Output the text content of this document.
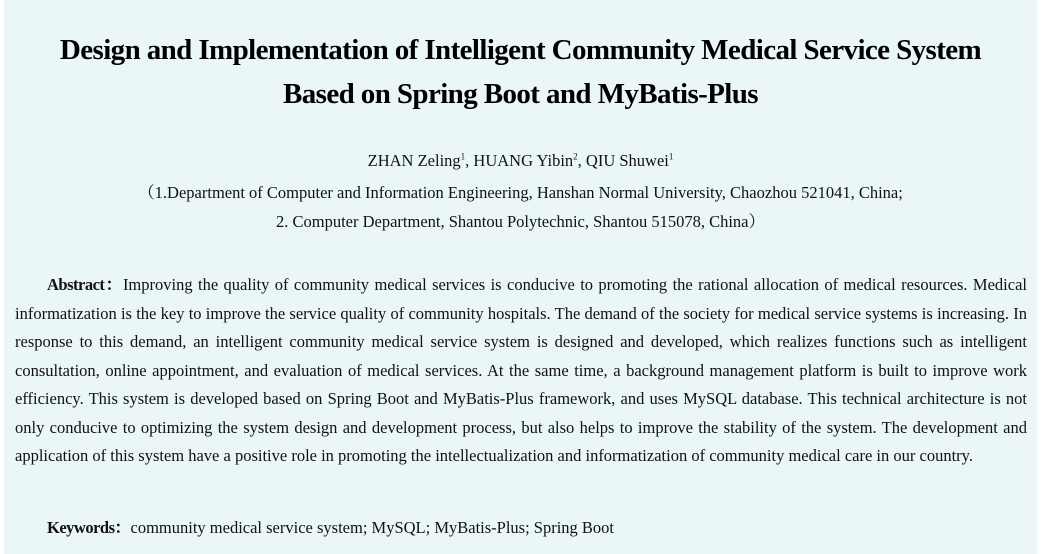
Design and Implementation of Intelligent Community Medical Service System
Based on Spring Boot and MyBatis-Plus
ZHAN Zeling$^1$, HUANG Yibin$^2$, QIU Shuwei$^1$
（1.Department of Computer and Information Engineering, Hanshan Normal University, Chaozhou 521041, China;
2. Computer Department, Shantou Polytechnic, Shantou 515078, China）

Abstract：Improving the quality of community medical services is conducive to promoting the rational allocation of medical resources. Medical informatization is the key to improve the service quality of community hospitals. The demand of the society for medical service systems is increasing. In response to this demand, an intelligent community medical service system is designed and developed, which realizes functions such as intelligent consultation, online appointment, and evaluation of medical services. At the same time, a background management platform is built to improve work efficiency. This system is developed based on Spring Boot and MyBatis-Plus framework, and uses MySQL database. This technical architecture is not only conducive to optimizing the system design and development process, but also helps to improve the stability of the system. The development and application of this system have a positive role in promoting the intellectualization and informatization of community medical care in our country.

Keywords：community medical service system; MySQL; MyBatis-Plus; Spring Boot
